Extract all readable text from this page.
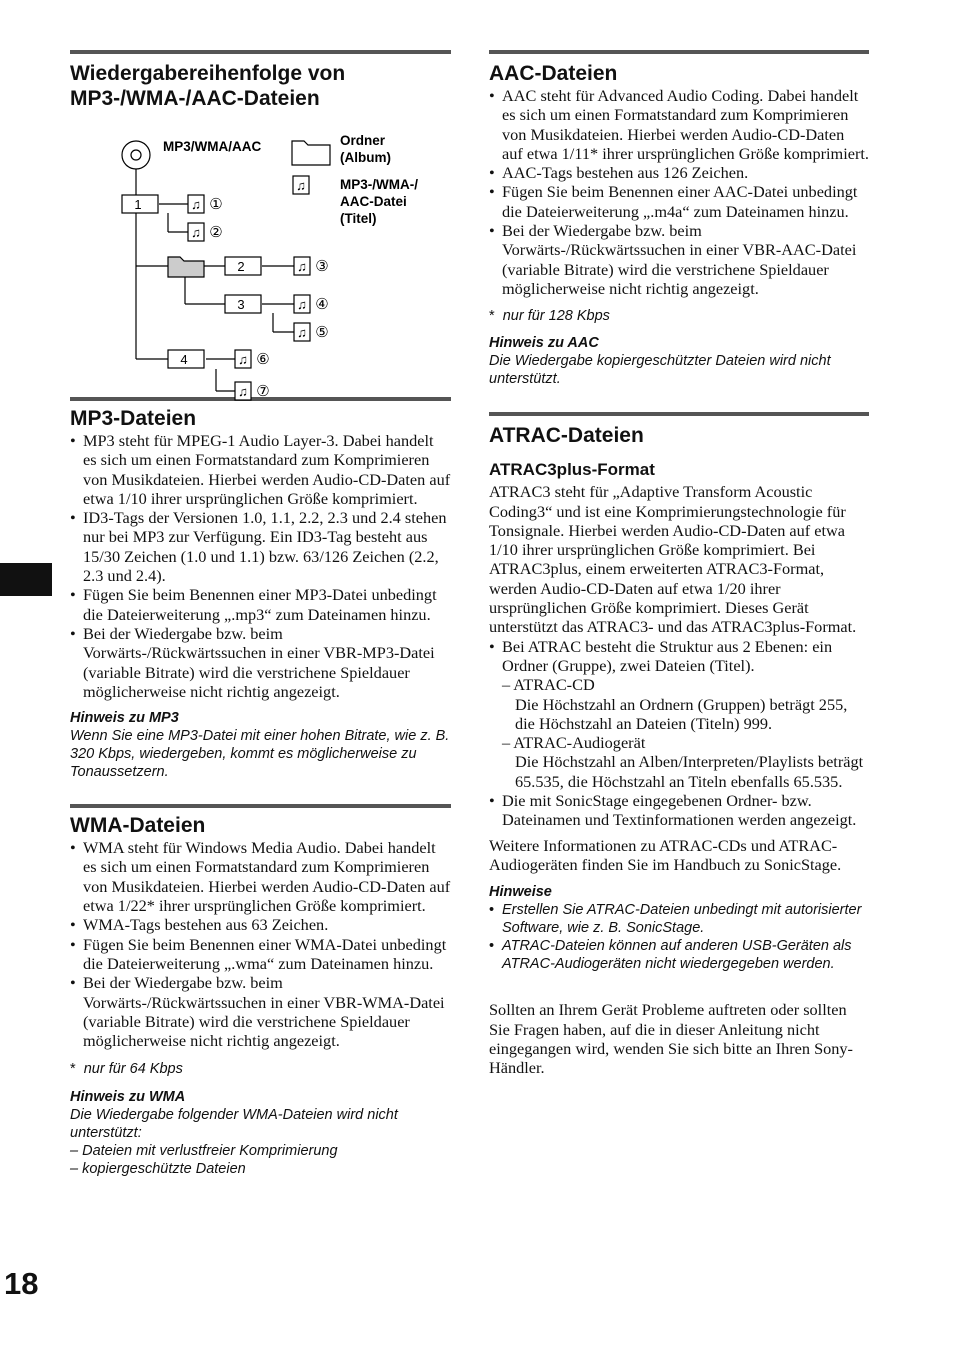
18
Wiedergabereihenfolge von MP3-/WMA-/AAC-Dateien
MP3/WMA/AAC	Ordner
(Album)
♫	MP3-/WMA-/
AAC-Datei
(Titel)
1
2
3
4
♫ ①
♫ ②
♫ ③
♫ ④
♫ ⑤
♫ ⑥
♫ ⑦
MP3-Dateien
• MP3 steht für MPEG-1 Audio Layer-3. Dabei handelt es sich um einen Formatstandard zum Komprimieren von Musikdateien. Hierbei werden Audio-CD-Daten auf etwa 1/10 ihrer ursprünglichen Größe komprimiert.
• ID3-Tags der Versionen 1.0, 1.1, 2.2, 2.3 und 2.4 stehen nur bei MP3 zur Verfügung. Ein ID3-Tag besteht aus 15/30 Zeichen (1.0 und 1.1) bzw. 63/126 Zeichen (2.2, 2.3 und 2.4).
• Fügen Sie beim Benennen einer MP3-Datei unbedingt die Dateierweiterung „.mp3“ zum Dateinamen hinzu.
• Bei der Wiedergabe bzw. beim Vorwärts-/Rückwärtssuchen in einer VBR-MP3-Datei (variable Bitrate) wird die verstrichene Spieldauer möglicherweise nicht richtig angezeigt.
Hinweis zu MP3
Wenn Sie eine MP3-Datei mit einer hohen Bitrate, wie z. B. 320 Kbps, wiedergeben, kommt es möglicherweise zu Tonaussetzern.
WMA-Dateien
• WMA steht für Windows Media Audio. Dabei handelt es sich um einen Formatstandard zum Komprimieren von Musikdateien. Hierbei werden Audio-CD-Daten auf etwa 1/22* ihrer ursprünglichen Größe komprimiert.
• WMA-Tags bestehen aus 63 Zeichen.
• Fügen Sie beim Benennen einer WMA-Datei unbedingt die Dateierweiterung „.wma“ zum Dateinamen hinzu.
• Bei der Wiedergabe bzw. beim Vorwärts-/Rückwärtssuchen in einer VBR-WMA-Datei (variable Bitrate) wird die verstrichene Spieldauer möglicherweise nicht richtig angezeigt.
* nur für 64 Kbps
Hinweis zu WMA
Die Wiedergabe folgender WMA-Dateien wird nicht unterstützt:
– Dateien mit verlustfreier Komprimierung
– kopiergeschützte Dateien
AAC-Dateien
• AAC steht für Advanced Audio Coding. Dabei handelt es sich um einen Formatstandard zum Komprimieren von Musikdateien. Hierbei werden Audio-CD-Daten auf etwa 1/11* ihrer ursprünglichen Größe komprimiert.
• AAC-Tags bestehen aus 126 Zeichen.
• Fügen Sie beim Benennen einer AAC-Datei unbedingt die Dateierweiterung „.m4a“ zum Dateinamen hinzu.
• Bei der Wiedergabe bzw. beim Vorwärts-/Rückwärtssuchen in einer VBR-AAC-Datei (variable Bitrate) wird die verstrichene Spieldauer möglicherweise nicht richtig angezeigt.
* nur für 128 Kbps
Hinweis zu AAC
Die Wiedergabe kopiergeschützter Dateien wird nicht unterstützt.
ATRAC-Dateien
ATRAC3plus-Format

ATRAC3 steht für „Adaptive Transform Acoustic Coding3“ und ist eine Komprimierungstechnologie für Tonsignale. Hierbei werden Audio-CD-Daten auf etwa 1/10 ihrer ursprünglichen Größe komprimiert. Bei ATRAC3plus, einem erweiterten ATRAC3-Format, werden Audio-CD-Daten auf etwa 1/20 ihrer ursprünglichen Größe komprimiert. Dieses Gerät unterstützt das ATRAC3- und das ATRAC3plus-Format.

• Bei ATRAC besteht die Struktur aus 2 Ebenen: ein Ordner (Gruppe), zwei Dateien (Titel).
– ATRAC-CD
Die Höchstzahl an Ordnern (Gruppen) beträgt 255, die Höchstzahl an Dateien (Titeln) 999.
– ATRAC-Audiogerät
Die Höchstzahl an Alben/Interpreten/Playlists beträgt 65.535, die Höchstzahl an Titeln ebenfalls 65.535.
• Die mit SonicStage eingegebenen Ordner- bzw. Dateinamen und Textinformationen werden angezeigt.

Weitere Informationen zu ATRAC-CDs und ATRAC-Audiogeräten finden Sie im Handbuch zu SonicStage.

Hinweise
• Erstellen Sie ATRAC-Dateien unbedingt mit autorisierter Software, wie z. B. SonicStage.
• ATRAC-Dateien können auf anderen USB-Geräten als ATRAC-Audiogeräten nicht wiedergegeben werden.

Sollten an Ihrem Gerät Probleme auftreten oder sollten Sie Fragen haben, auf die in dieser Anleitung nicht eingegangen wird, wenden Sie sich bitte an Ihren Sony-Händler.
